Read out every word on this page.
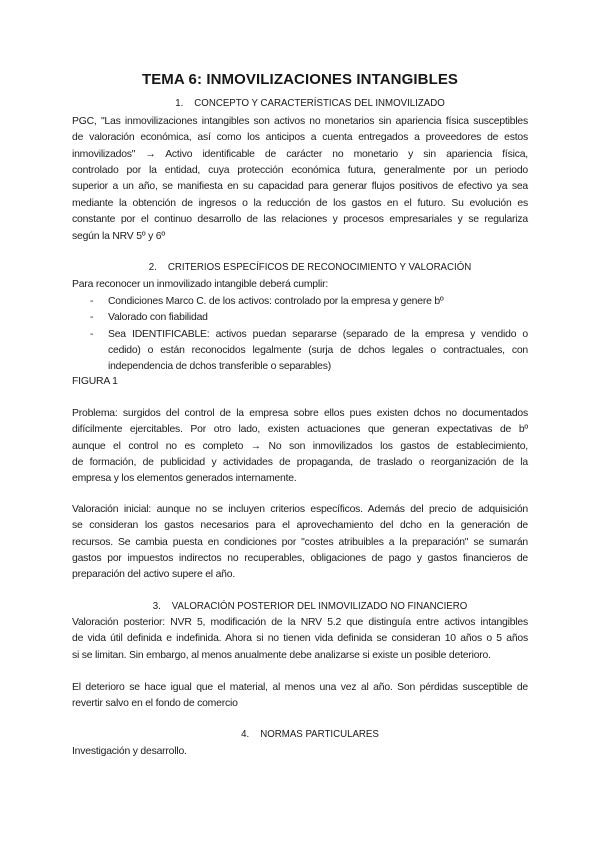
TEMA 6: INMOVILIZACIONES INTANGIBLES
1. CONCEPTO Y CARACTERÍSTICAS DEL INMOVILIZADO
PGC, "Las inmovilizaciones intangibles son activos no monetarios sin apariencia física susceptibles
de valoración económica, así como los anticipos a cuenta entregados a proveedores de estos
inmovilizados" → Activo identificable de carácter no monetario y sin apariencia física,
controlado por la entidad, cuya protección económica futura, generalmente por un periodo
superior a un año, se manifiesta en su capacidad para generar flujos positivos de efectivo ya sea
mediante la obtención de ingresos o la reducción de los gastos en el futuro. Su evolución es
constante por el continuo desarrollo de las relaciones y procesos empresariales y se regulariza
según la NRV 5º y 6º
2. CRITERIOS ESPECÍFICOS DE RECONOCIMIENTO Y VALORACIÓN
Para reconocer un inmovilizado intangible deberá cumplir:
- Condiciones Marco C. de los activos: controlado por la empresa y genere bº
- Valorado con fiabilidad
- Sea IDENTIFICABLE: activos puedan separarse (separado de la empresa y vendido o
cedido) o están reconocidos legalmente (surja de dchos legales o contractuales, con
independencia de dchos transferible o separables)
FIGURA 1
Problema: surgidos del control de la empresa sobre ellos pues existen dchos no documentados
difícilmente ejercitables. Por otro lado, existen actuaciones que generan expectativas de bº
aunque el control no es completo → No son inmovilizados los gastos de establecimiento,
de formación, de publicidad y actividades de propaganda, de traslado o reorganización de la
empresa y los elementos generados internamente.
Valoración inicial: aunque no se incluyen criterios específicos. Además del precio de adquisición
se consideran los gastos necesarios para el aprovechamiento del dcho en la generación de
recursos. Se cambia puesta en condiciones por "costes atribuibles a la preparación" se sumarán
gastos por impuestos indirectos no recuperables, obligaciones de pago y gastos financieros de
preparación del activo supere el año.
3. VALORACIÓN POSTERIOR DEL INMOVILIZADO NO FINANCIERO
Valoración posterior: NVR 5, modificación de la NRV 5.2 que distinguía entre activos intangibles
de vida útil definida e indefinida. Ahora si no tienen vida definida se consideran 10 años o 5 años
si se limitan. Sin embargo, al menos anualmente debe analizarse si existe un posible deterioro.
El deterioro se hace igual que el material, al menos una vez al año. Son pérdidas susceptible de
revertir salvo en el fondo de comercio
4. NORMAS PARTICULARES
Investigación y desarrollo.
